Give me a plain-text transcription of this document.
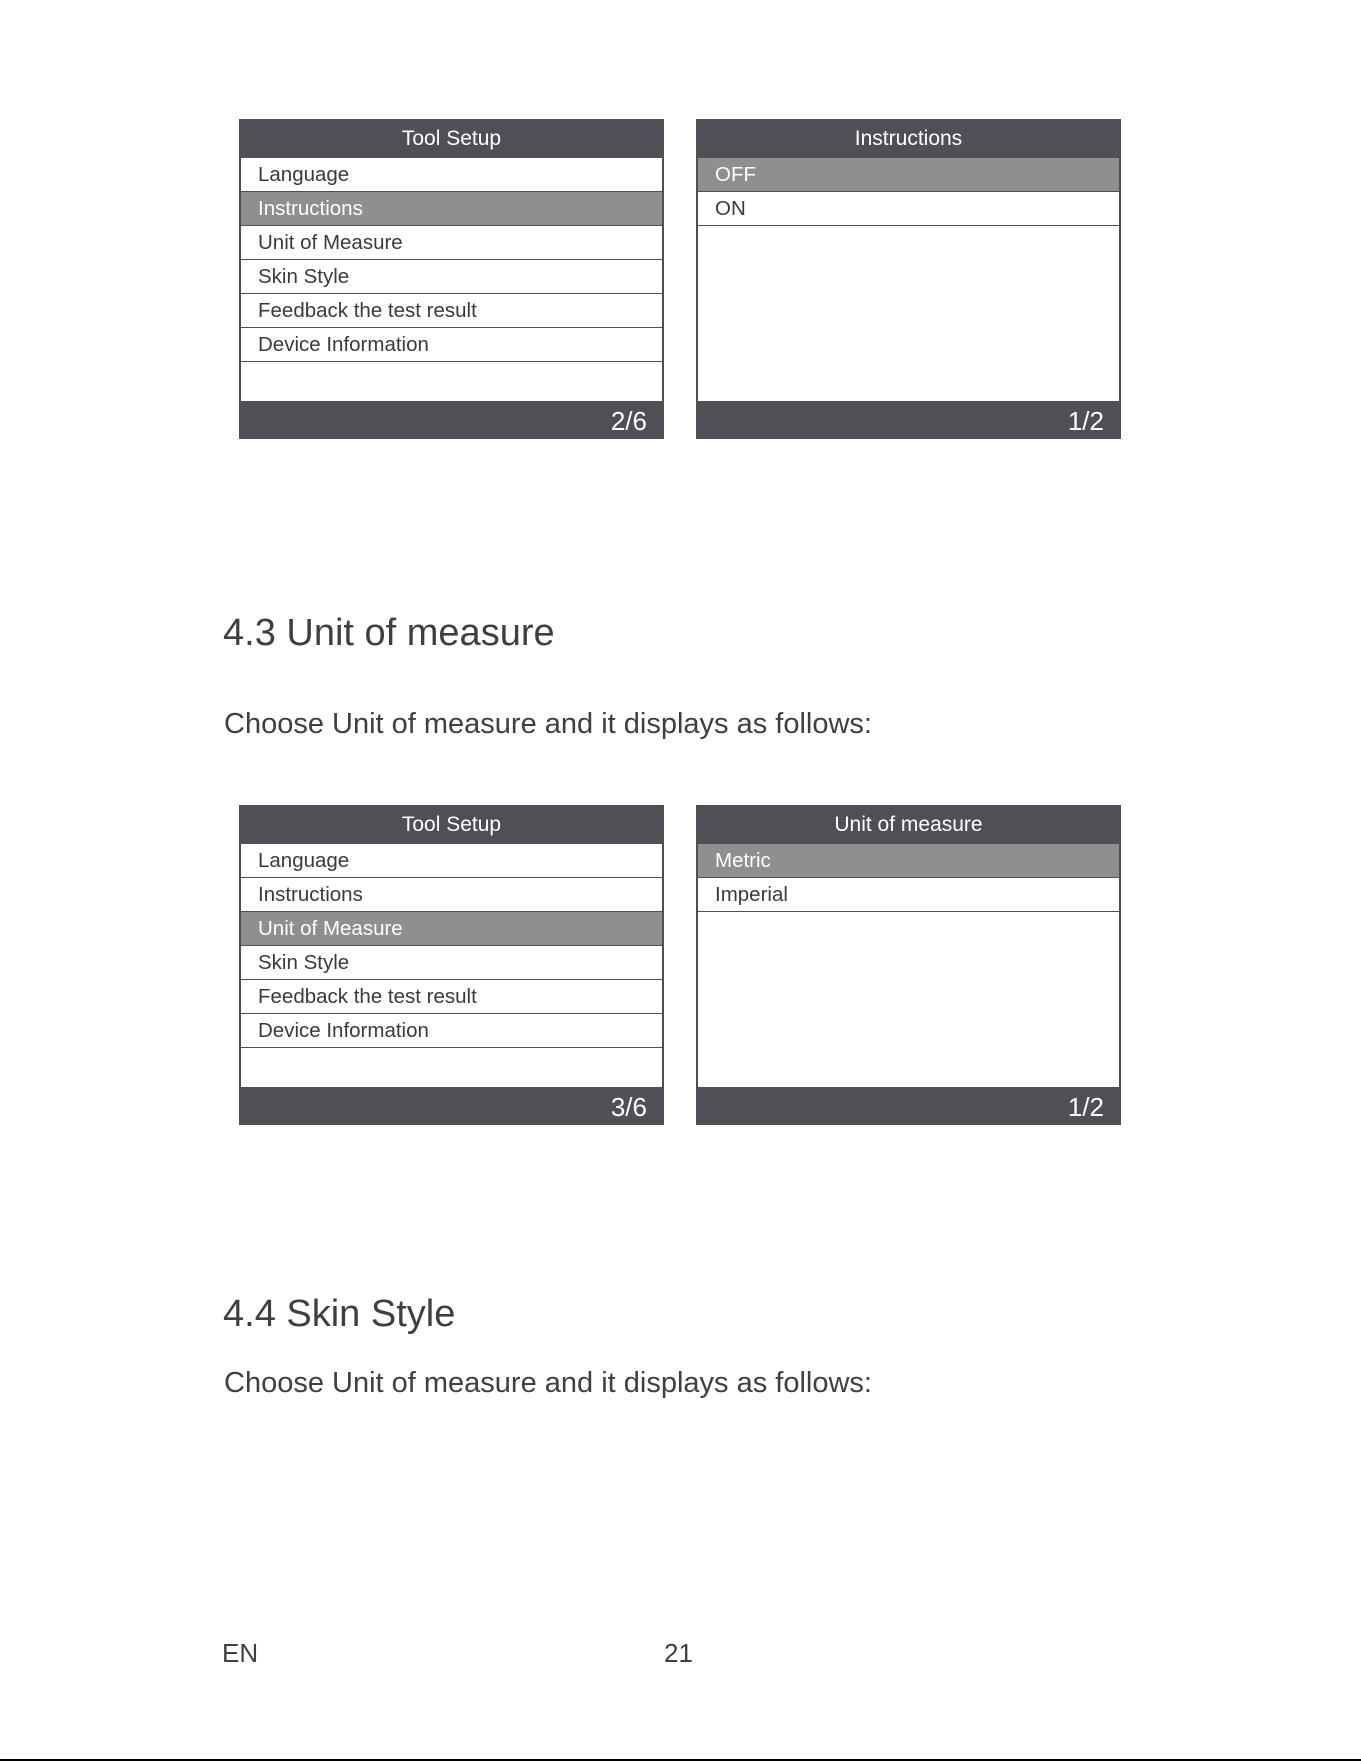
Tool Setup
Language
Instructions
Unit of Measure
Skin Style
Feedback the test result
Device Information
2/6
Instructions
OFF
ON
1/2
4.3 Unit of measure
Choose Unit of measure and it displays as follows:
Tool Setup
Language
Instructions
Unit of Measure
Skin Style
Feedback the test result
Device Information
3/6
Unit of measure
Metric
Imperial
1/2
4.4 Skin Style
Choose Unit of measure and it displays as follows:
EN	21
